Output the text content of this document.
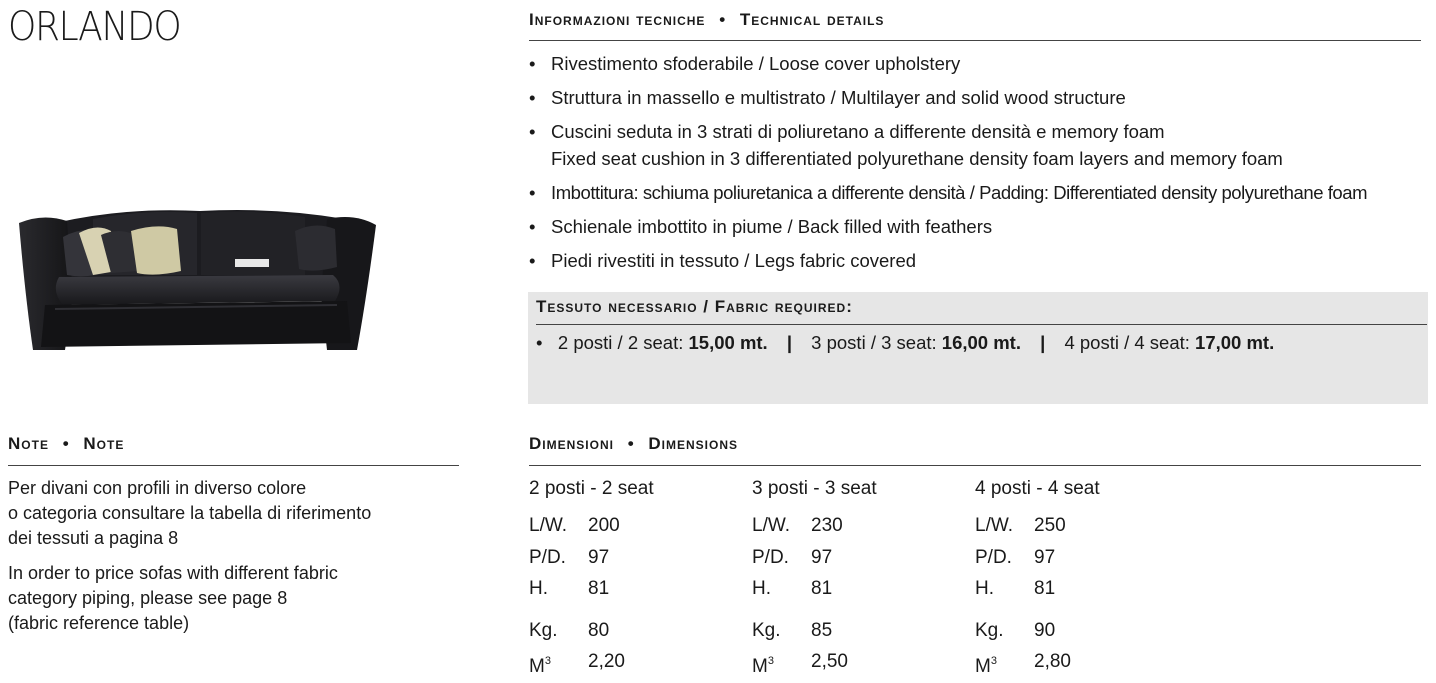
ORLANDO	Informazioni tecniche • Technical details
• Rivestimento sfoderabile / Loose cover upholstery
• Struttura in massello e multistrato / Multilayer and solid wood structure
• Cuscini seduta in 3 strati di poliuretano a differente densità e memory foam
Fixed seat cushion in 3 differentiated polyurethane density foam layers and memory foam
• Imbottitura: schiuma poliuretanica a differente densità / Padding: Differentiated density polyurethane foam
• Schienale imbottito in piume / Back filled with feathers
• Piedi rivestiti in tessuto / Legs fabric covered
Tessuto necessario / Fabric required:
• 2 posti / 2 seat: 15,00 mt. | 3 posti / 3 seat: 16,00 mt. | 4 posti / 4 seat: 17,00 mt.
Note • Note
Per divani con profili in diverso colore
o categoria consultare la tabella di riferimento
dei tessuti a pagina 8
In order to price sofas with different fabric
category piping, please see page 8
(fabric reference table)
Dimensioni • Dimensions
2 posti - 2 seat
L/W. 200
P/D. 97
H. 81
Kg. 80
$M^3$ 2,20
3 posti - 3 seat
L/W. 230
P/D. 97
H. 81
Kg. 85
$M^3$ 2,50
4 posti - 4 seat
L/W. 250
P/D. 97
H. 81
Kg. 90
$M^3$ 2,80
